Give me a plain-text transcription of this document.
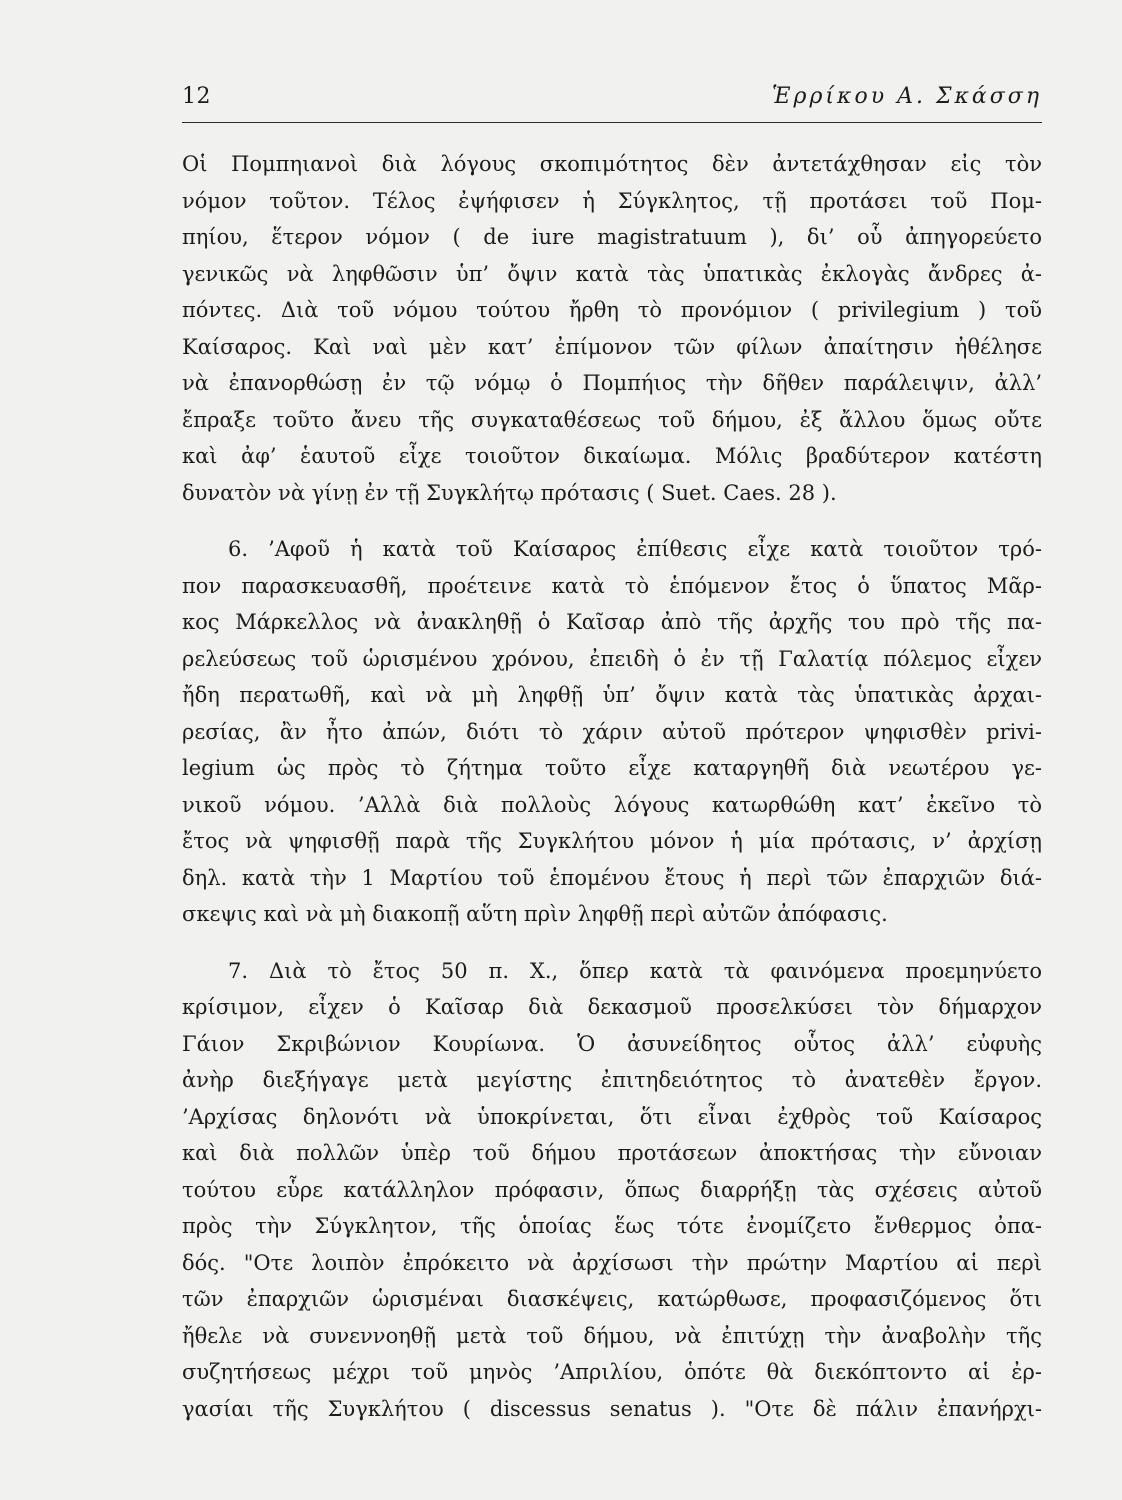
12	Ἑρρίκου Α. Σκάσση
Οἱ Πομπηιανοὶ διὰ λόγους σκοπιμότητος δὲν ἀντετάχθησαν εἰς τὸν
νόμον τοῦτον. Τέλος ἐψήφισεν ἡ Σύγκλητος, τῇ προτάσει τοῦ Πομ-
πηίου, ἕτερον νόμον ( de iure magistratuum ), δι’ οὗ ἀπηγορεύετο
γενικῶς νὰ ληφθῶσιν ὑπ’ ὄψιν κατὰ τὰς ὑπατικὰς ἐκλογὰς ἄνδρες ἀ-
πόντες. Διὰ τοῦ νόμου τούτου ἤρθη τὸ προνόμιον ( privilegium ) τοῦ
Καίσαρος. Καὶ ναὶ μὲν κατ’ ἐπίμονον τῶν φίλων ἀπαίτησιν ἠθέλησε
νὰ ἐπανορθώσῃ ἐν τῷ νόμῳ ὁ Πομπήιος τὴν δῆθεν παράλειψιν, ἀλλ’
ἔπραξε τοῦτο ἄνευ τῆς συγκαταθέσεως τοῦ δήμου, ἐξ ἄλλου ὅμως οὔτε
καὶ ἀφ’ ἑαυτοῦ εἶχε τοιοῦτον δικαίωμα. Μόλις βραδύτερον κατέστη
δυνατὸν νὰ γίνῃ ἐν τῇ Συγκλήτῳ πρότασις ( Suet. Caes. 28 ).
6. ’Αφοῦ ἡ κατὰ τοῦ Καίσαρος ἐπίθεσις εἶχε κατὰ τοιοῦτον τρό-
πον παρασκευασθῆ, προέτεινε κατὰ τὸ ἑπόμενον ἔτος ὁ ὕπατος Μᾶρ-
κος Μάρκελλος νὰ ἀνακληθῇ ὁ Καῖσαρ ἀπὸ τῆς ἀρχῆς του πρὸ τῆς πα-
ρελεύσεως τοῦ ὡρισμένου χρόνου, ἐπειδὴ ὁ ἐν τῇ Γαλατίᾳ πόλεμος εἶχεν
ἤδη περατωθῆ, καὶ νὰ μὴ ληφθῇ ὑπ’ ὄψιν κατὰ τὰς ὑπατικὰς ἀρχαι-
ρεσίας, ἂν ἦτο ἀπών, διότι τὸ χάριν αὐτοῦ πρότερον ψηφισθὲν privi-
legium ὡς πρὸς τὸ ζήτημα τοῦτο εἶχε καταργηθῆ διὰ νεωτέρου γε-
νικοῦ νόμου. ’Αλλὰ διὰ πολλοὺς λόγους κατωρθώθη κατ’ ἐκεῖνο τὸ
ἔτος νὰ ψηφισθῇ παρὰ τῆς Συγκλήτου μόνον ἡ μία πρότασις, ν’ ἀρχίσῃ
δηλ. κατὰ τὴν 1 Μαρτίου τοῦ ἑπομένου ἔτους ἡ περὶ τῶν ἐπαρχιῶν διά-
σκεψις καὶ νὰ μὴ διακοπῇ αὕτη πρὶν ληφθῇ περὶ αὐτῶν ἀπόφασις.
7. Διὰ τὸ ἔτος 50 π. Χ., ὅπερ κατὰ τὰ φαινόμενα προεμηνύετο
κρίσιμον, εἶχεν ὁ Καῖσαρ διὰ δεκασμοῦ προσελκύσει τὸν δήμαρχον
Γάιον Σκριβώνιον Κουρίωνα. Ὁ ἀσυνείδητος οὗτος ἀλλ’ εὐφυὴς
ἀνὴρ διεξήγαγε μετὰ μεγίστης ἐπιτηδειότητος τὸ ἀνατεθὲν ἔργον.
’Αρχίσας δηλονότι νὰ ὑποκρίνεται, ὅτι εἶναι ἐχθρὸς τοῦ Καίσαρος
καὶ διὰ πολλῶν ὑπὲρ τοῦ δήμου προτάσεων ἀποκτήσας τὴν εὔνοιαν
τούτου εὗρε κατάλληλον πρόφασιν, ὅπως διαρρήξῃ τὰς σχέσεις αὐτοῦ
πρὸς τὴν Σύγκλητον, τῆς ὁποίας ἕως τότε ἐνομίζετο ἔνθερμος ὀπα-
δός. "Οτε λοιπὸν ἐπρόκειτο νὰ ἀρχίσωσι τὴν πρώτην Μαρτίου αἱ περὶ
τῶν ἐπαρχιῶν ὡρισμέναι διασκέψεις, κατώρθωσε, προφασιζόμενος ὅτι
ἤθελε νὰ συνεννοηθῇ μετὰ τοῦ δήμου, νὰ ἐπιτύχῃ τὴν ἀναβολὴν τῆς
συζητήσεως μέχρι τοῦ μηνὸς ’Απριλίου, ὁπότε θὰ διεκόπτοντο αἱ ἐρ-
γασίαι τῆς Συγκλήτου ( discessus senatus ). "Οτε δὲ πάλιν ἐπανήρχι-
